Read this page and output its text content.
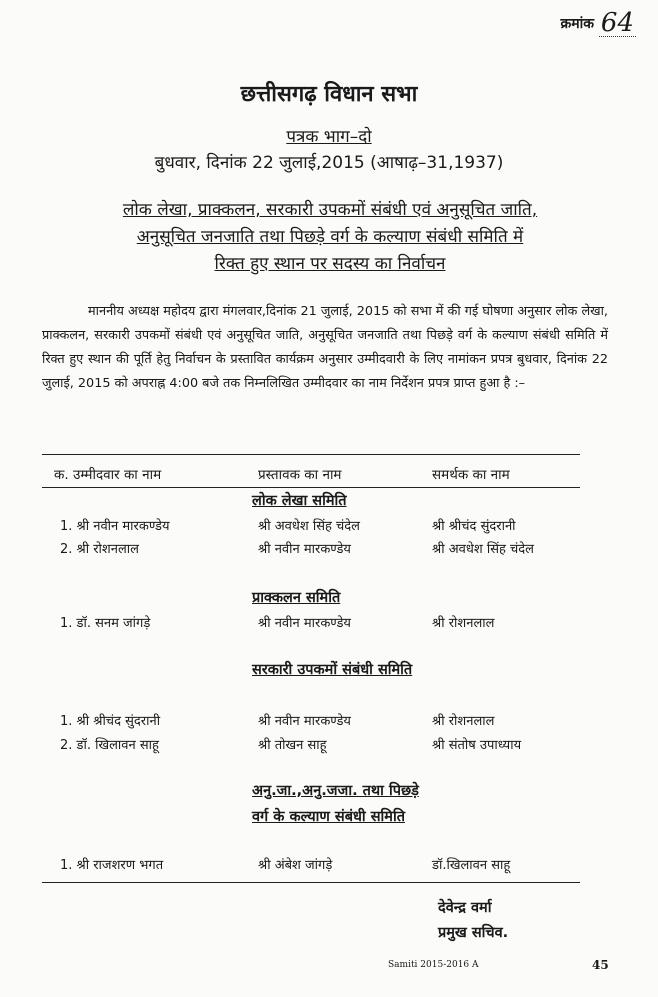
क्रमांक 64
छत्तीसगढ़ विधान सभा
पत्रक भाग–दो
बुधवार, दिनांक 22 जुलाई,2015 (आषाढ़–31,1937)
लोक लेखा, प्राक्कलन, सरकारी उपकमों संबंधी एवं अनुसूचित जाति,
अनुसूचित जनजाति तथा पिछड़े वर्ग के कल्याण संबंधी समिति में
रिक्त हुए स्थान पर सदस्य का निर्वाचन

माननीय अध्यक्ष महोदय द्वारा मंगलवार,दिनांक 21 जुलाई, 2015 को सभा में की गई घोषणा अनुसार लोक लेखा, प्राक्कलन, सरकारी उपकमों संबंधी एवं अनुसूचित जाति, अनुसूचित जनजाति तथा पिछड़े वर्ग के कल्याण संबंधी समिति में रिक्त हुए स्थान की पूर्ति हेतु निर्वाचन के प्रस्तावित कार्यक्रम अनुसार उम्मीदवारी के लिए नामांकन प्रपत्र बुधवार, दिनांक 22 जुलाई, 2015 को अपराह्न 4:00 बजे तक निम्नलिखित उम्मीदवार का नाम निर्देशन प्रपत्र प्राप्त हुआ है :–

क. उम्मीदवार का नाम	प्रस्तावक का नाम	समर्थक का नाम
लोक लेखा समिति
1. श्री नवीन मारकण्डेय	श्री अवधेश सिंह चंदेल	श्री श्रीचंद सुंदरानी
2. श्री रोशनलाल	श्री नवीन मारकण्डेय	श्री अवधेश सिंह चंदेल
प्राक्कलन समिति
1. डॉ. सनम जांगड़े	श्री नवीन मारकण्डेय	श्री रोशनलाल
सरकारी उपकमों संबंधी समिति
1. श्री श्रीचंद सुंदरानी	श्री नवीन मारकण्डेय	श्री रोशनलाल
2. डॉ. खिलावन साहू	श्री तोखन साहू	श्री संतोष उपाध्याय
अनु.जा.,अनु.जजा. तथा पिछड़े
वर्ग के कल्याण संबंधी समिति
1. श्री राजशरण भगत	श्री अंबेश जांगड़े	डॉ.खिलावन साहू
देवेन्द्र वर्मा
प्रमुख सचिव.
Samiti 2015-2016 A	45
